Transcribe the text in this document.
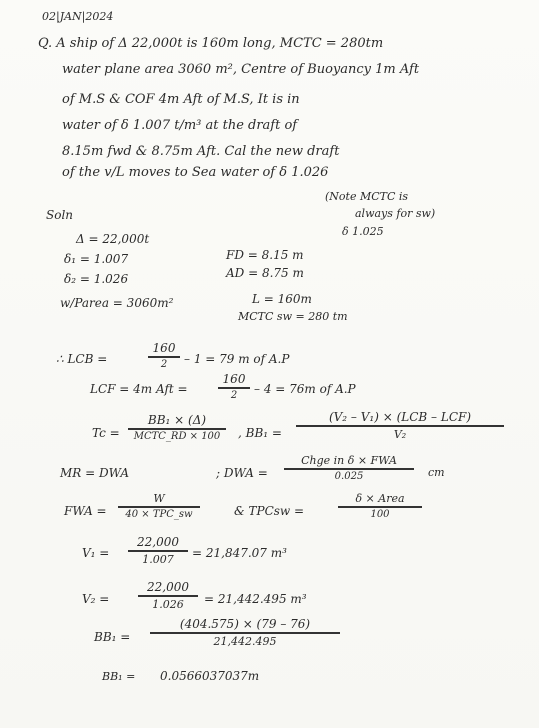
02|JAN|2024
Q. A ship of Δ 22,000t is 160m long, MCTC = 280tm
water plane area 3060 m², Centre of Buoyancy 1m Aft
of M.S & COF 4m Aft of M.S, It is in
water of δ 1.007 t/m³ at the draft of
8.15m fwd & 8.75m Aft. Cal the new draft
of the v/L moves to Sea water of δ 1.026
(Note MCTC is
always for sw)
δ 1.025
Soln
Δ = 22,000t
δ₁ = 1.007
δ₂ = 1.026
FD = 8.15 m
AD = 8.75 m
w/Parea = 3060m²	L = 160m
MCTC sw = 280 tm
∴ LCB =
160
2	– 1 = 79 m of A.P
LCF = 4m Aft =
160
2	– 4 = 76m of A.P
Tc =
BB₁ × (Δ)
MCTC_RD × 100	, BB₁ =
(V₂ – V₁) × (LCB – LCF)
V₂
MR = DWA	; DWA =
Chge in δ × FWA
0.025	cm
FWA =
W
40 × TPC_sw	& TPCsw =
δ × Area
100
V₁ =
22,000
1.007	= 21,847.07 m³
V₂ =
22,000
1.026	= 21,442.495 m³
BB₁ =
(404.575) × (79 – 76)
21,442.495
BB₁ = 0.0566037037m
